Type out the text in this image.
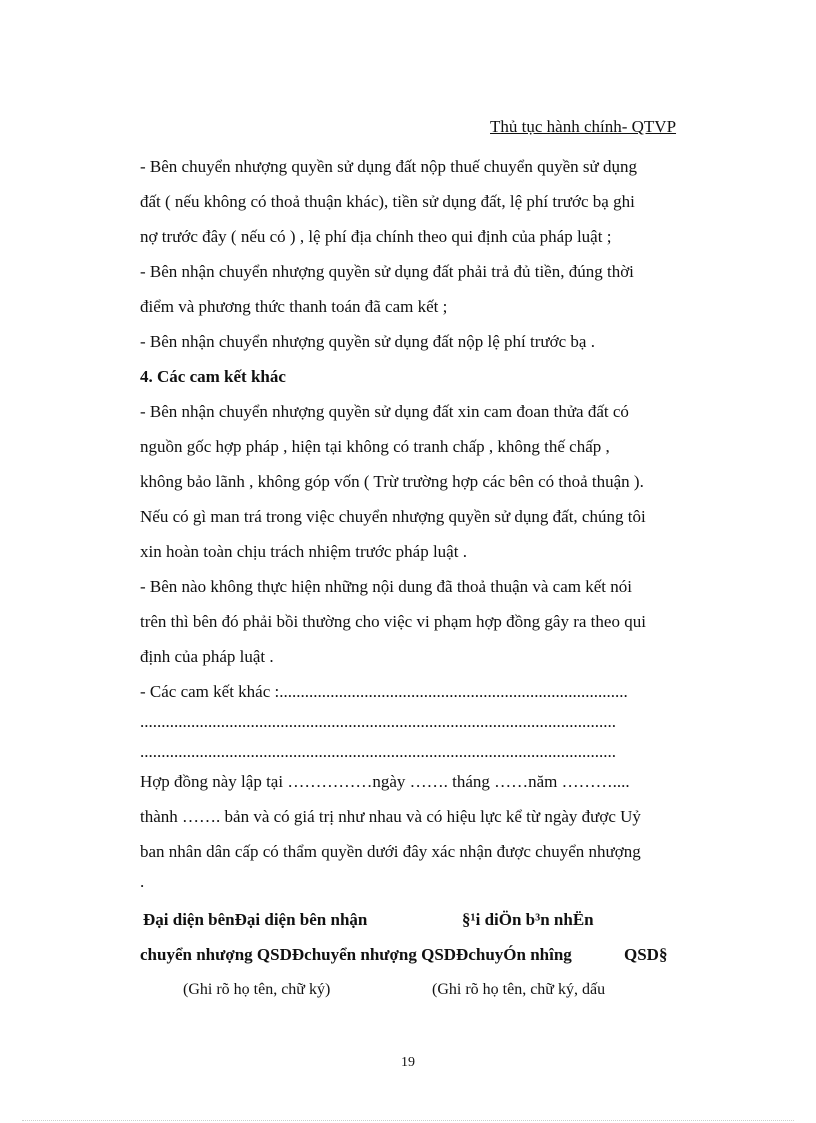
Thủ tục hành chính- QTVP
- Bên chuyển nhượng quyền sử dụng đất nộp thuế chuyển quyền sử dụng
đất ( nếu không có thoả thuận khác), tiền sử dụng đất, lệ phí trước bạ ghi
nợ trước đây ( nếu có ) , lệ phí địa chính theo qui định của pháp luật ;
- Bên nhận chuyển nhượng quyền sử dụng đất phải trả đủ tiền, đúng thời
điểm và phương thức thanh toán đã cam kết ;
- Bên nhận chuyển nhượng quyền sử dụng đất nộp lệ phí trước bạ .
4. Các cam kết khác
- Bên nhận chuyển nhượng quyền sử dụng đất xin cam đoan thửa đất có
nguồn gốc hợp pháp , hiện tại không có tranh chấp , không thế chấp ,
không bảo lãnh , không góp vốn ( Trừ trường hợp các bên có thoả thuận ).
Nếu có gì man trá trong việc chuyển nhượng quyền sử dụng đất, chúng tôi
xin hoàn toàn chịu trách nhiệm trước pháp luật .
- Bên nào không thực hiện những nội dung đã thoả thuận và cam kết nói
trên thì bên đó phải bồi thường cho việc vi phạm hợp đồng gây ra theo qui
định của pháp luật .
- Các cam kết khác :..................................................................................
................................................................................................................
................................................................................................................
Hợp đồng này lập tại ……………ngày ……. tháng ……năm ………....
thành ……. bản và có giá trị như nhau và có hiệu lực kể từ ngày được Uỷ
ban nhân dân cấp có thẩm quyền dưới đây xác nhận được chuyển nhượng
.
Đại diện bênĐại diện bên nhận	§¹i diÖn b³n nhËn
chuyển nhượng QSDĐchuyển nhượng QSDĐchuyÓn nhîng	QSD§
(Ghi rõ họ tên, chữ ký)	(Ghi rõ họ tên, chữ ký, dấu
19
